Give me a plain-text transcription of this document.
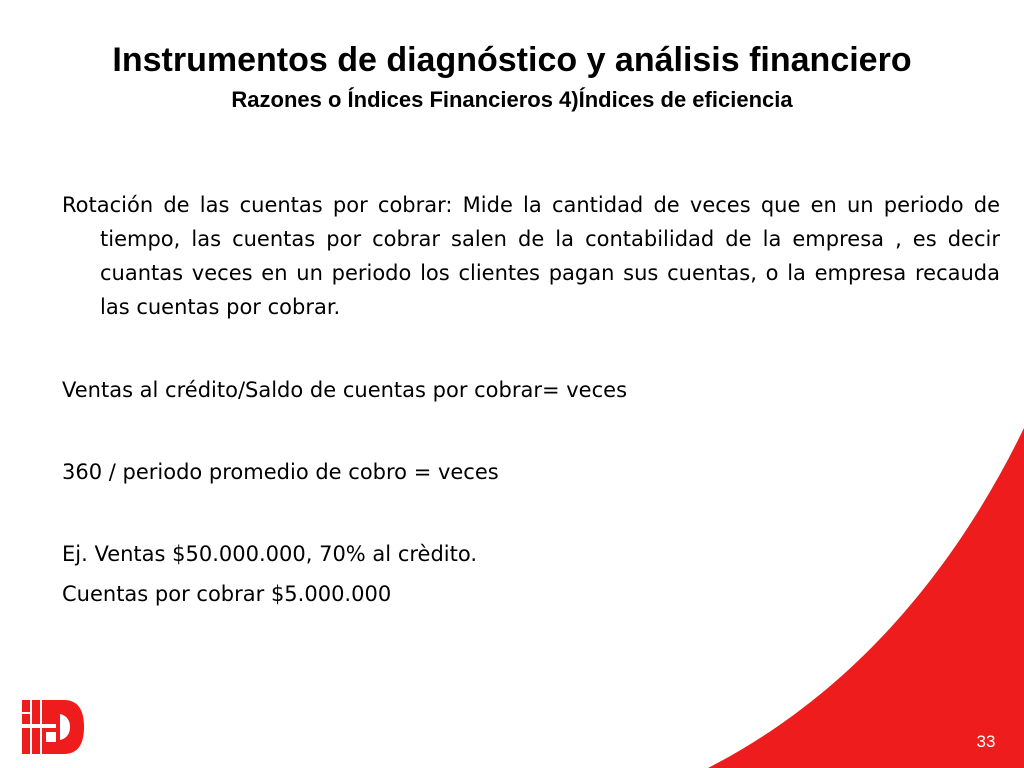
Instrumentos de diagnóstico y análisis financiero
Razones o Índices Financieros 4)Índices de eficiencia

Rotación de las cuentas por cobrar: Mide la cantidad de veces que en un periodo de tiempo, las cuentas por cobrar salen de la contabilidad de la empresa , es decir cuantas veces en un periodo los clientes pagan sus cuentas, o la empresa recauda las cuentas por cobrar.

Ventas al crédito/Saldo de cuentas por cobrar= veces

360 / periodo promedio de cobro = veces

Ej. Ventas $50.000.000, 70% al crèdito.

Cuentas por cobrar $5.000.000

33
